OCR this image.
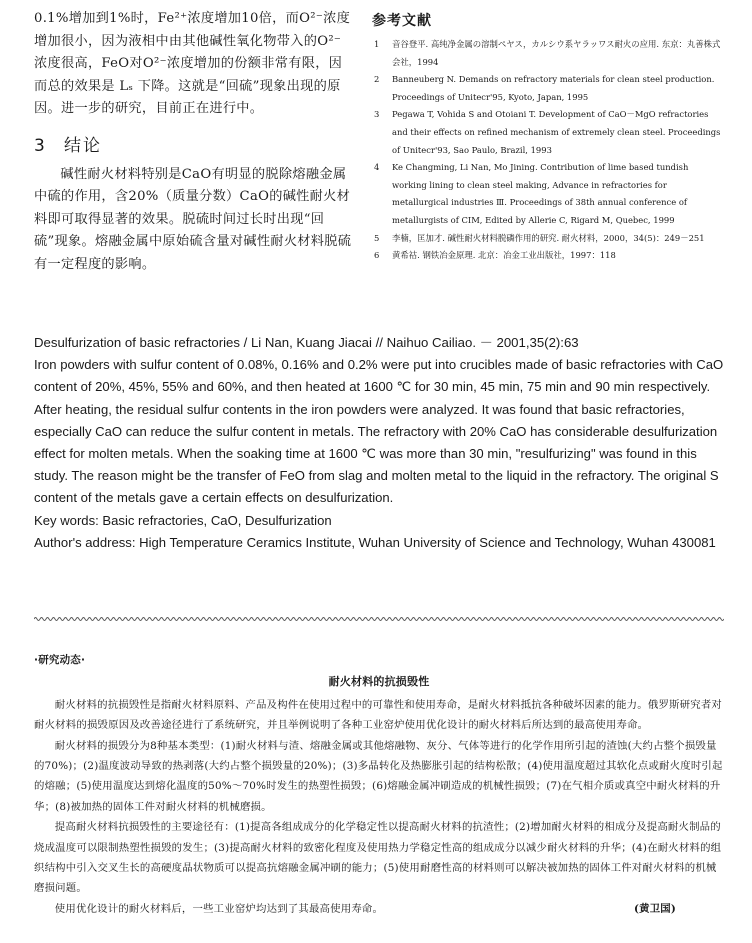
0.1%增加到1%时，Fe²⁺浓度增加10倍，而O²⁻浓度增加很小，因为液相中由其他碱性氧化物带入的O²⁻浓度很高，FeO对O²⁻浓度增加的份额非常有限，因而总的效果是 Lₛ 下降。这就是“回硫”现象出现的原因。进一步的研究，目前正在进行中。

3 结论

碱性耐火材料特别是CaO有明显的脱除熔融金属中硫的作用，含20%（质量分数）CaO的碱性耐火材料即可取得显著的效果。脱硫时间过长时出现“回硫”现象。熔融金属中原始硫含量对碱性耐火材料脱硫有一定程度的影响。

参考文献
1	音谷登平. 高纯净金属の溶制ペヤス，カルシウ系ヤラッワス耐火の应用. 东京：丸善株式会社，1994
2	Banneuberg N. Demands on refractory materials for clean steel production. Proceedings of Unitecr'95, Kyoto, Japan, 1995
3	Pegawa T, Vohida S and Otoiani T. Development of CaO－MgO refractories and their effects on refined mechanism of extremely clean steel. Proceedings of Unitecr'93, Sao Paulo, Brazil, 1993
4	Ke Changming, Li Nan, Mo Jining. Contribution of lime based tundish working lining to clean steel making, Advance in refractories for metallurgical industries Ⅲ. Proceedings of 38th annual conference of metallurgists of CIM, Edited by Allerie C, Rigard M, Quebec, 1999
5	李楠，匡加才. 碱性耐火材料脱磷作用的研究. 耐火材料，2000，34(5)：249－251
6	黄希祜. 钢铁冶金原理. 北京：冶金工业出版社，1997：118

Desulfurization of basic refractories / Li Nan, Kuang Jiacai // Naihuo Cailiao. － 2001,35(2):63

Iron powders with sulfur content of 0.08%, 0.16% and 0.2% were put into crucibles made of basic refractories with CaO content of 20%, 45%, 55% and 60%, and then heated at 1600 ℃ for 30 min, 45 min, 75 min and 90 min respectively. After heating, the residual sulfur contents in the iron powders were analyzed. It was found that basic refractories, especially CaO can reduce the sulfur content in metals. The refractory with 20% CaO has considerable desulfurization effect for molten metals. When the soaking time at 1600 ℃ was more than 30 min, "resulfurizing" was found in this study. The reason might be the transfer of FeO from slag and molten metal to the liquid in the refractory. The original S content of the metals gave a certain effects on desulfurization.

Key words: Basic refractories, CaO, Desulfurization

Author's address: High Temperature Ceramics Institute, Wuhan University of Science and Technology, Wuhan 430081

·研究动态·
耐火材料的抗损毁性

耐火材料的抗损毁性是指耐火材料原料、产品及构件在使用过程中的可靠性和使用寿命，是耐火材料抵抗各种破坏因素的能力。俄罗斯研究者对耐火材料的损毁原因及改善途径进行了系统研究，并且举例说明了各种工业窑炉使用优化设计的耐火材料后所达到的最高使用寿命。

耐火材料的损毁分为8种基本类型：(1)耐火材料与渣、熔融金属或其他熔融物、灰分、气体等进行的化学作用所引起的渣蚀(大约占整个损毁量的70%)；(2)温度波动导致的热剥落(大约占整个损毁量的20%)；(3)多晶转化及热膨胀引起的结构松散；(4)使用温度超过其软化点或耐火度时引起的熔融；(5)使用温度达到熔化温度的50%～70%时发生的热塑性损毁；(6)熔融金属冲刷造成的机械性损毁；(7)在气相介质或真空中耐火材料的升华；(8)被加热的固体工件对耐火材料的机械磨损。

提高耐火材料抗损毁性的主要途径有：(1)提高各组成成分的化学稳定性以提高耐火材料的抗渣性；(2)增加耐火材料的相成分及提高耐火制品的烧成温度可以限制热塑性损毁的发生；(3)提高耐火材料的致密化程度及使用热力学稳定性高的组成成分以减少耐火材料的升华；(4)在耐火材料的组织结构中引入交叉生长的高硬度晶状物质可以提高抗熔融金属冲刷的能力；(5)使用耐磨性高的材料则可以解决被加热的固体工件对耐火材料的机械磨损问题。

使用优化设计的耐火材料后，一些工业窑炉均达到了其最高使用寿命。	(黄卫国)
